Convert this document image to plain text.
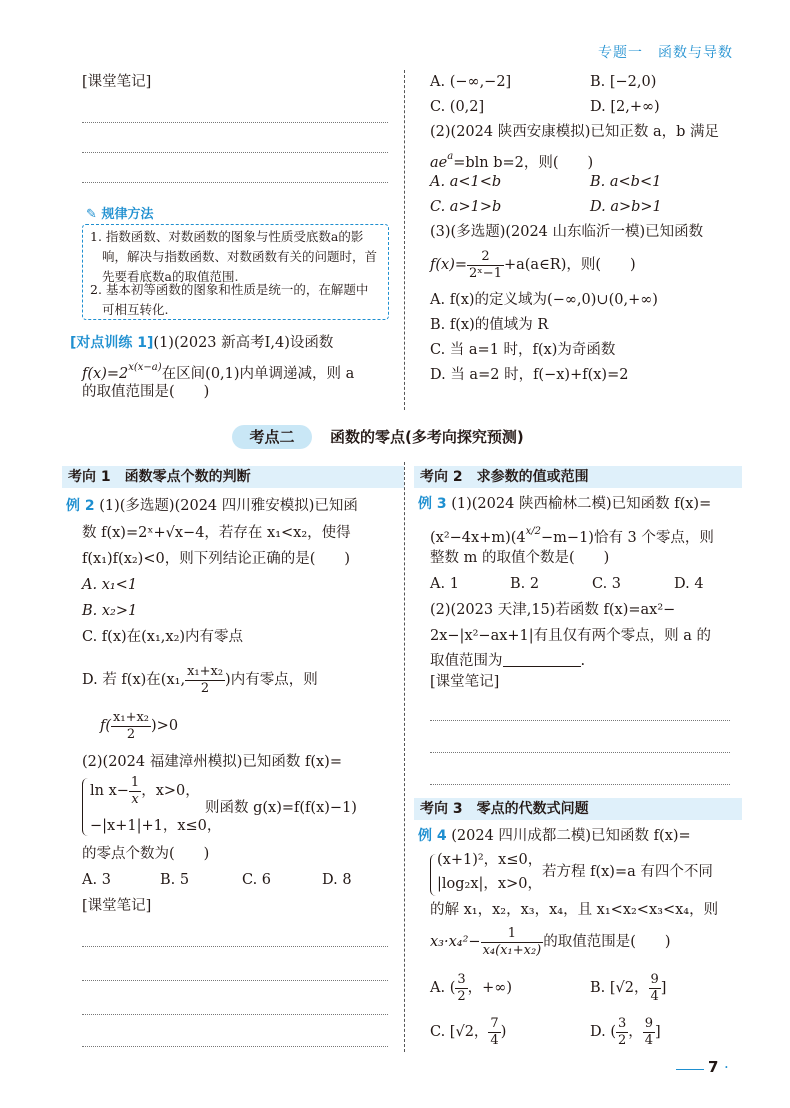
专题一　函数与导数
[课堂笔记]
✎ 规律方法
1. 指数函数、对数函数的图象与性质受底数a的影
响，解决与指数函数、对数函数有关的问题时，首
先要看底数a的取值范围.
2. 基本初等函数的图象和性质是统一的，在解题中
可相互转化.
[对点训练 1](1)(2023 新高考Ⅰ,4)设函数
$f(x)=2^{x(x-a)}$在区间(0,1)内单调递减，则 a
的取值范围是(　　)
A. (−∞,−2]	B. [−2,0)
C. (0,2]	D. [2,+∞)
(2)(2024 陕西安康模拟)已知正数 a，b 满足
$ae^a=bln$ b=2，则(　　)
A. a<1<b	B. a<b<1
C. a>1>b	D. a>b>1
(3)(多选题)(2024 山东临沂一模)已知函数
$f(x)= \frac{2}{\text{2ˣ−1}}$ +a(a∈R)，则(　　)
A. f(x)的定义域为(−∞,0)∪(0,+∞)
B. f(x)的值域为 R
C. 当 a=1 时，f(x)为奇函数
D. 当 a=2 时，f(−x)+f(x)=2
考点二	函数的零点(多考向探究预测)
考向 1　 函数零点个数的判断
例 2 (1)(多选题)(2024 四川雅安模拟)已知函
数 f(x)=2ˣ+√x−4，若存在 x₁<x₂，使得
f(x₁)f(x₂)<0，则下列结论正确的是(　　)
A. x₁<1
B. x₂>1
C. f(x)在(x₁,x₂)内有零点
D. 若 f(x)在(x₁, $\frac{\text{x₁+x₂}}{2}$ )内有零点，则
$f( \frac{\text{x₁+x₂}}{2} )>0$
(2)(2024 福建漳州模拟)已知函数 f(x)=
$\ln x- \frac{1}{x}$ ，x>0，
−|x+1|+1，x≤0，
则函数 g(x)=f(f(x)−1)
的零点个数为(　　)
A. 3	B. 5	C. 6	D. 8
[课堂笔记]
考向 2　 求参数的值或范围
例 3 (1)(2024 陕西榆林二模)已知函数 f(x)=
$(x^2-4x+m)(4^{x/2}-m-1)$恰有 3 个零点，则
整数 m 的取值个数是(　　)
A. 1	B. 2	C. 3	D. 4
(2)(2023 天津,15)若函数 f(x)=ax²−
2x−|x²−ax+1|有且仅有两个零点，则 a 的
取值范围为	.
[课堂笔记]
考向 3　 零点的代数式问题
例 4 (2024 四川成都二模)已知函数 f(x)=
(x+1)²，x≤0，
|log₂x|，x>0，
若方程 f(x)=a 有四个不同
的解 x₁，x₂，x₃，x₄，且 x₁<x₂<x₃<x₄，则
$x_3\cdot x_4^2- \frac{1}{\text{x₄(x₁+x₂)}}$ 的取值范围是(　　)
A. ( $\frac{3}{2}$ ，+∞)	B. [√2， $\frac{9}{4}$ ]
C. [√2， $\frac{7}{4}$ )	D. ( $\frac{3}{2}$ ， $\frac{9}{4}$ ]
7 ·
